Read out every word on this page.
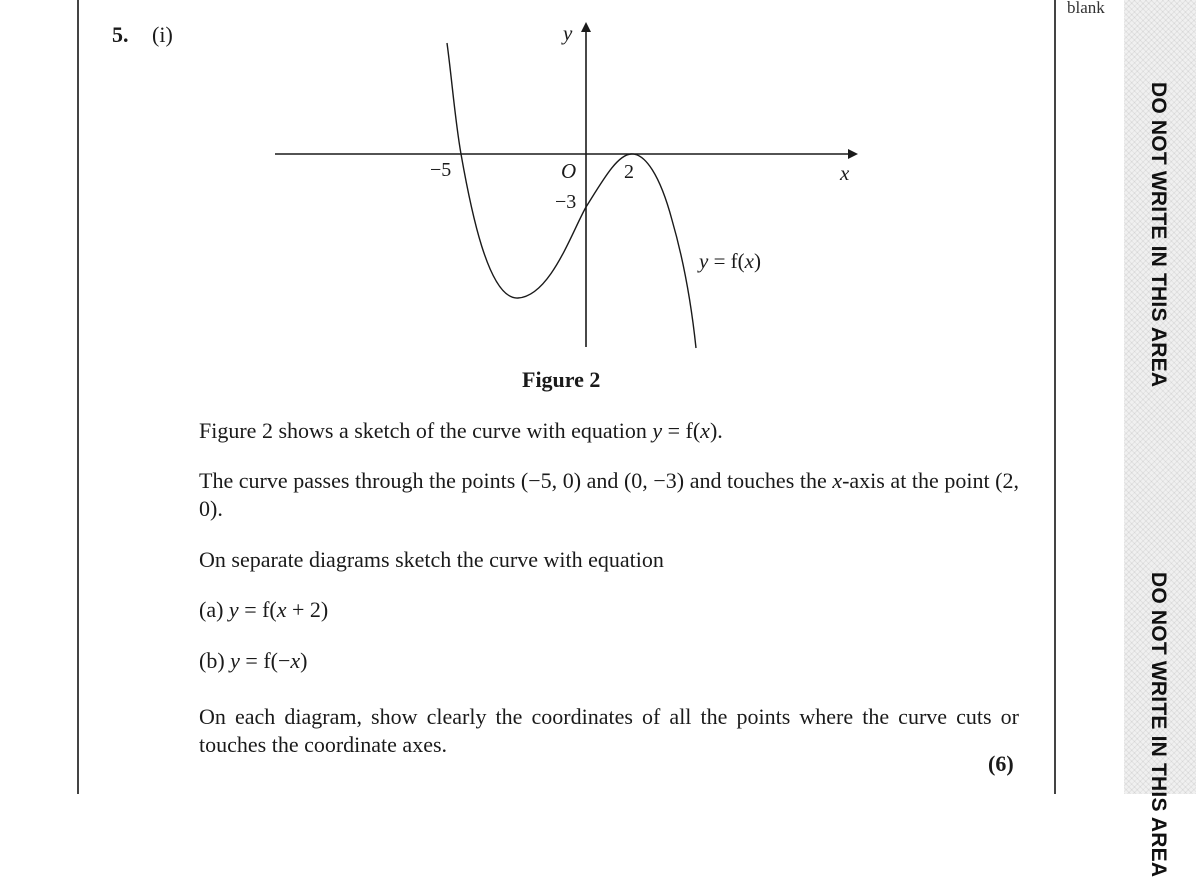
blank
DO NOT WRITE IN THIS AREA
DO NOT WRITE IN THIS AREA
5. (i)	y
x
O
−5	2
−3
y = f(x)
Figure 2
Figure 2 shows a sketch of the curve with equation y = f(x).
The curve passes through the points (−5, 0) and (0, −3) and touches the x-axis at the point (2, 0).
On separate diagrams sketch the curve with equation
(a) y = f(x + 2)
(b) y = f(−x)
On each diagram, show clearly the coordinates of all the points where the curve cuts or touches the coordinate axes.
(6)
